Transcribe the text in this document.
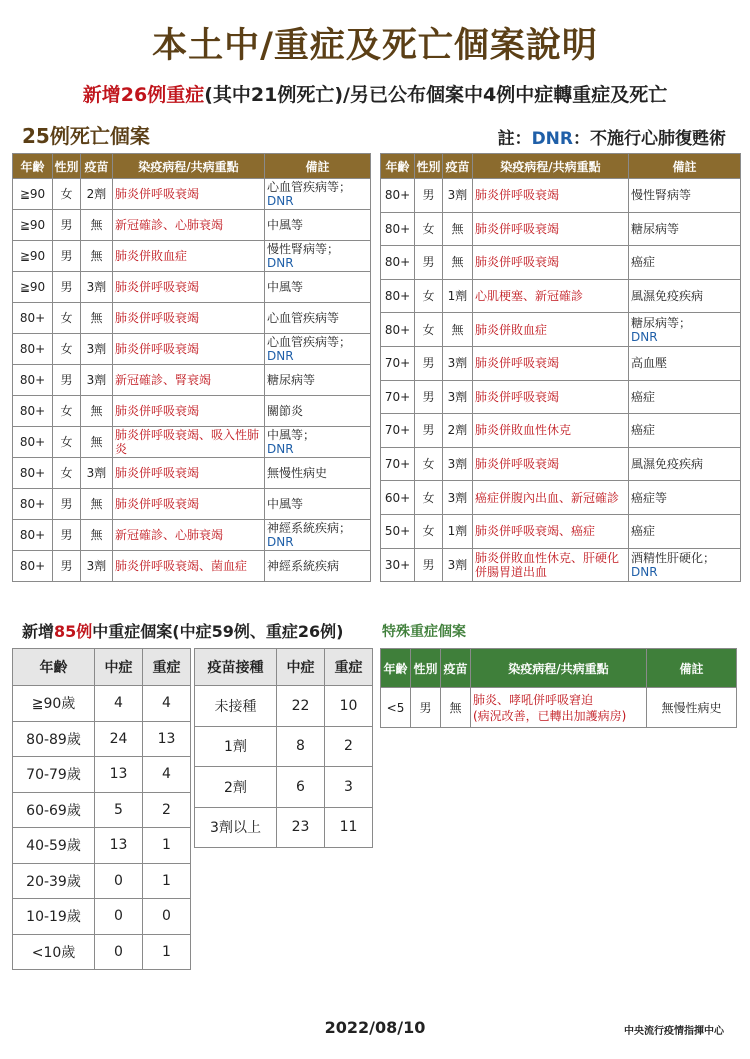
本土中/重症及死亡個案說明
新增26例重症(其中21例死亡)/另已公布個案中4例中症轉重症及死亡
25例死亡個案	註：DNR：不施行心肺復甦術
年齡	性別	疫苗	染疫病程/共病重點	備註
≧90	女	2劑	肺炎併呼吸衰竭	心血管疾病等；
DNR
≧90	男	無	新冠確診、心肺衰竭	中風等
≧90	男	無	肺炎併敗血症	慢性腎病等；
DNR
≧90	男	3劑	肺炎併呼吸衰竭	中風等
80+	女	無	肺炎併呼吸衰竭	心血管疾病等
80+	女	3劑	肺炎併呼吸衰竭	心血管疾病等；
DNR
80+	男	3劑	新冠確診、腎衰竭	糖尿病等
80+	女	無	肺炎併呼吸衰竭	關節炎
80+	女	無	肺炎併呼吸衰竭、吸入性肺炎	中風等；
DNR
80+	女	3劑	肺炎併呼吸衰竭	無慢性病史
80+	男	無	肺炎併呼吸衰竭	中風等
80+	男	無	新冠確診、心肺衰竭	神經系統疾病；
DNR
80+	男	3劑	肺炎併呼吸衰竭、菌血症	神經系統疾病
年齡	性別	疫苗	染疫病程/共病重點	備註
80+	男	3劑	肺炎併呼吸衰竭	慢性腎病等
80+	女	無	肺炎併呼吸衰竭	糖尿病等
80+	男	無	肺炎併呼吸衰竭	癌症
80+	女	1劑	心肌梗塞、新冠確診	風濕免疫疾病
80+	女	無	肺炎併敗血症	糖尿病等；
DNR
70+	男	3劑	肺炎併呼吸衰竭	高血壓
70+	男	3劑	肺炎併呼吸衰竭	癌症
70+	男	2劑	肺炎併敗血性休克	癌症
70+	女	3劑	肺炎併呼吸衰竭	風濕免疫疾病
60+	女	3劑	癌症併腹內出血、新冠確診	癌症等
50+	女	1劑	肺炎併呼吸衰竭、癌症	癌症
30+	男	3劑	肺炎併敗血性休克、肝硬化併腸胃道出血	酒精性肝硬化；
DNR
新增85例中重症個案(中症59例、重症26例)	特殊重症個案
年齡	中症	重症
≧90歲	4	4
80-89歲	24	13
70-79歲	13	4
60-69歲	5	2
40-59歲	13	1
20-39歲	0	1
10-19歲	0	0
<10歲	0	1
疫苗接種	中症	重症
未接種	22	10
1劑	8	2
2劑	6	3
3劑以上	23	11
年齡	性別	疫苗	染疫病程/共病重點	備註
<5	男	無	肺炎、哮吼併呼吸窘迫
(病況改善，已轉出加護病房)	無慢性病史
2022/08/10	中央流行疫情指揮中心
